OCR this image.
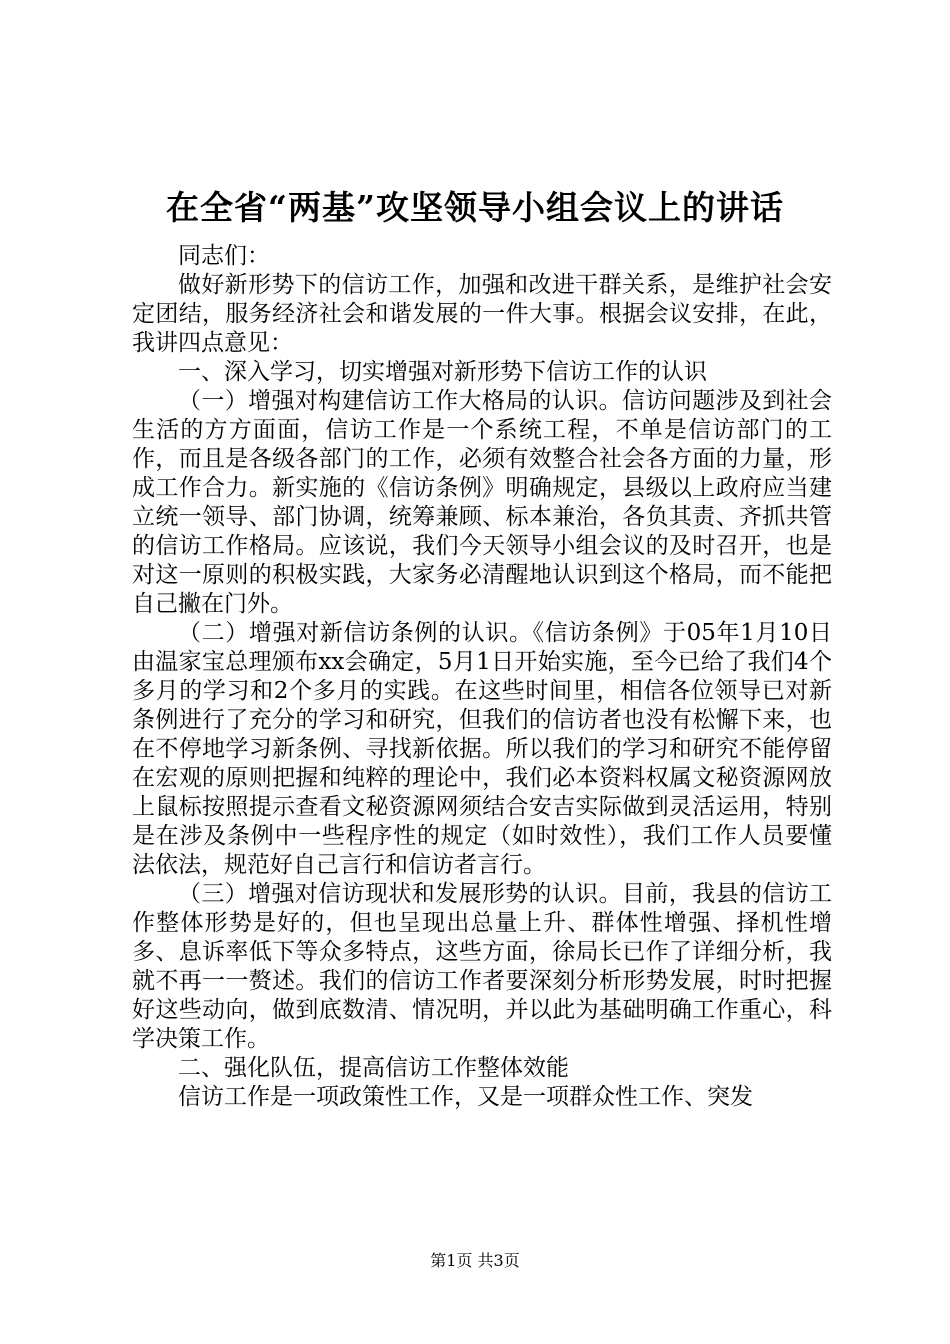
在全省“两基”攻坚领导小组会议上的讲话

同志们：

做好新形势下的信访工作，加强和改进干群关系，是维护社会安定团结，服务经济社会和谐发展的一件大事。根据会议安排，在此，我讲四点意见：

一、深入学习，切实增强对新形势下信访工作的认识

（一）增强对构建信访工作大格局的认识。信访问题涉及到社会生活的方方面面，信访工作是一个系统工程，不单是信访部门的工作，而且是各级各部门的工作，必须有效整合社会各方面的力量，形成工作合力。新实施的《信访条例》明确规定，县级以上政府应当建立统一领导、部门协调，统筹兼顾、标本兼治，各负其责、齐抓共管的信访工作格局。应该说，我们今天领导小组会议的及时召开，也是对这一原则的积极实践，大家务必清醒地认识到这个格局，而不能把自己撇在门外。

（二）增强对新信访条例的认识。《信访条例》于05年1月10日由温家宝总理颁布xx会确定，5月1日开始实施，至今已给了我们4个多月的学习和2个多月的实践。在这些时间里，相信各位领导已对新条例进行了充分的学习和研究，但我们的信访者也没有松懈下来，也在不停地学习新条例、寻找新依据。所以我们的学习和研究不能停留在宏观的原则把握和纯粹的理论中，我们必本资料权属文秘资源网放上鼠标按照提示查看文秘资源网须结合安吉实际做到灵活运用，特别是在涉及条例中一些程序性的规定（如时效性），我们工作人员要懂法依法，规范好自己言行和信访者言行。

（三）增强对信访现状和发展形势的认识。目前，我县的信访工作整体形势是好的，但也呈现出总量上升、群体性增强、择机性增多、息诉率低下等众多特点，这些方面，徐局长已作了详细分析，我就不再一一赘述。我们的信访工作者要深刻分析形势发展，时时把握好这些动向，做到底数清、情况明，并以此为基础明确工作重心，科学决策工作。

二、强化队伍，提高信访工作整体效能

信访工作是一项政策性工作，又是一项群众性工作、突发

第1页 共3页
